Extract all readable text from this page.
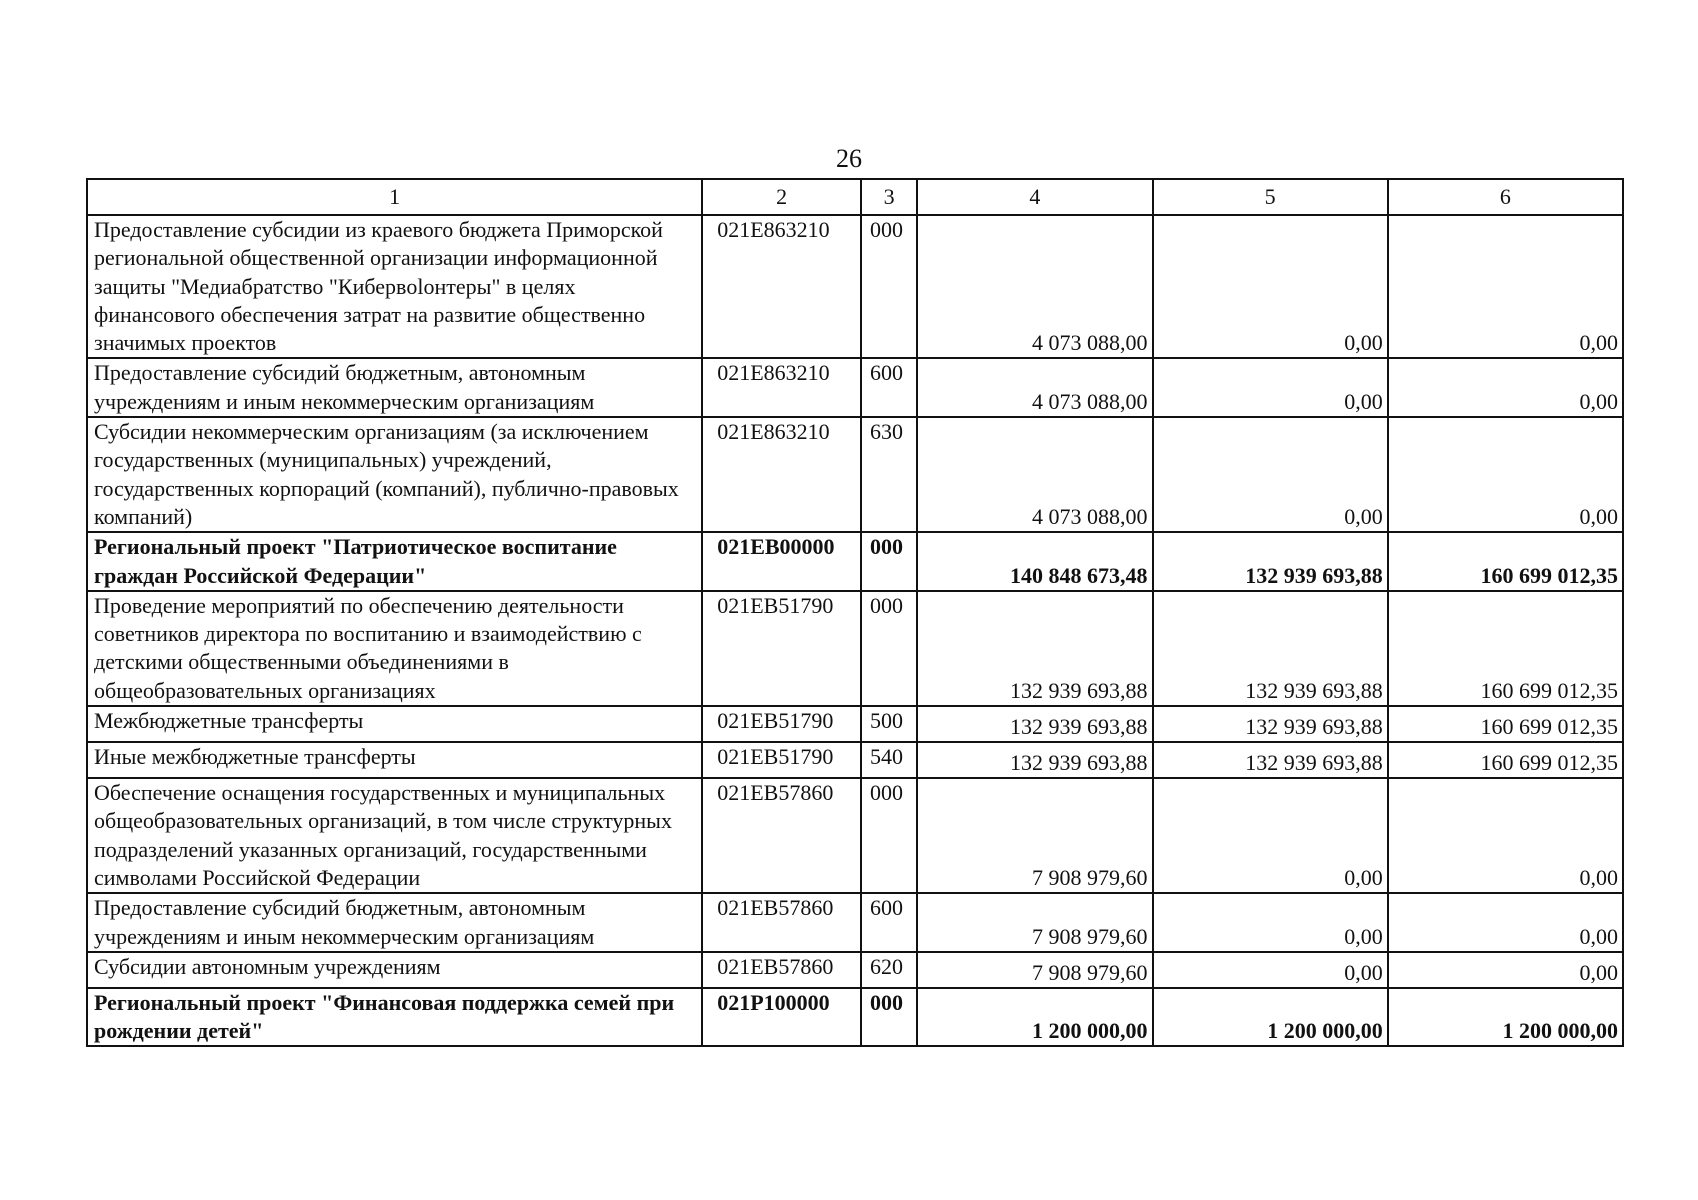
26
1	2	3	4	5	6
Предоставление субсидии из краевого бюджета Приморской региональной общественной организации информационной защиты "Медиабратство "Кибервolонтеры" в целях финансового обеспечения затрат на развитие общественно значимых проектов	021E863210	000	4 073 088,00	0,00	0,00
Предоставление субсидий бюджетным, автономным учреждениям и иным некоммерческим организациям	021E863210	600	4 073 088,00	0,00	0,00
Субсидии некоммерческим организациям (за исключением государственных (муниципальных) учреждений, государственных корпораций (компаний), публично-правовых компаний)	021E863210	630	4 073 088,00	0,00	0,00
Региональный проект "Патриотическое воспитание граждан Российской Федерации"	021EB00000	000	140 848 673,48	132 939 693,88	160 699 012,35
Проведение мероприятий по обеспечению деятельности советников директора по воспитанию и взаимодействию с детскими общественными объединениями в общеобразовательных организациях	021EB51790	000	132 939 693,88	132 939 693,88	160 699 012,35
Межбюджетные трансферты	021EB51790	500	132 939 693,88	132 939 693,88	160 699 012,35
Иные межбюджетные трансферты	021EB51790	540	132 939 693,88	132 939 693,88	160 699 012,35
Обеспечение оснащения государственных и муниципальных общеобразовательных организаций, в том числе структурных подразделений указанных организаций, государственными символами Российской Федерации	021EB57860	000	7 908 979,60	0,00	0,00
Предоставление субсидий бюджетным, автономным учреждениям и иным некоммерческим организациям	021EB57860	600	7 908 979,60	0,00	0,00
Субсидии автономным учреждениям	021EB57860	620	7 908 979,60	0,00	0,00
Региональный проект "Финансовая поддержка семей при рождении детей"	021P100000	000	1 200 000,00	1 200 000,00	1 200 000,00
